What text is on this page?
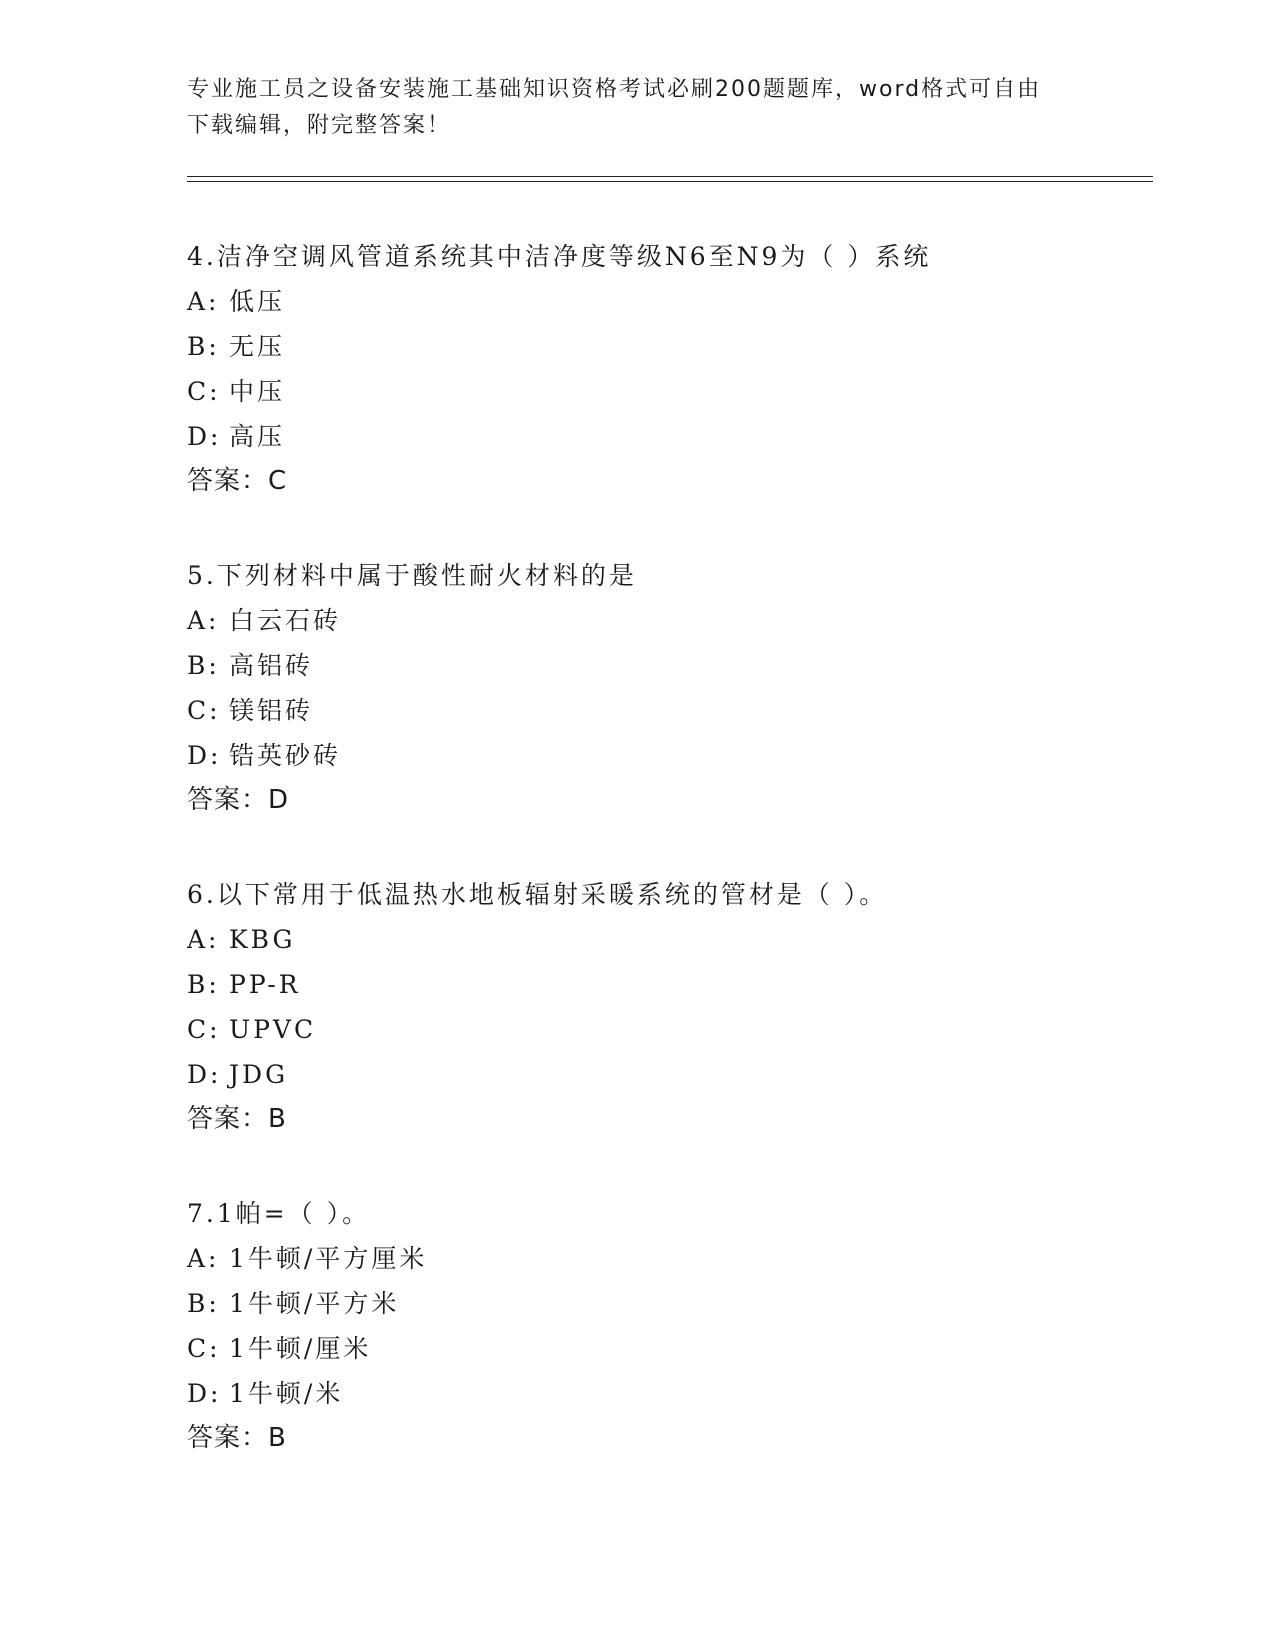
专业施工员之设备安装施工基础知识资格考试必刷200题题库，word格式可自由
下载编辑，附完整答案！
4.洁净空调风管道系统其中洁净度等级N6至N9为（ ）系统
A: 低压
B: 无压
C: 中压
D: 高压
答案：C
5.下列材料中属于酸性耐火材料的是
A: 白云石砖
B: 高铝砖
C: 镁铝砖
D: 锆英砂砖
答案：D
6.以下常用于低温热水地板辐射采暖系统的管材是（ ）。
A: KBG
B: PP-R
C: UPVC
D: JDG
答案：B
7.1帕=（ ）。
A: 1牛顿/平方厘米
B: 1牛顿/平方米
C: 1牛顿/厘米
D: 1牛顿/米
答案：B
